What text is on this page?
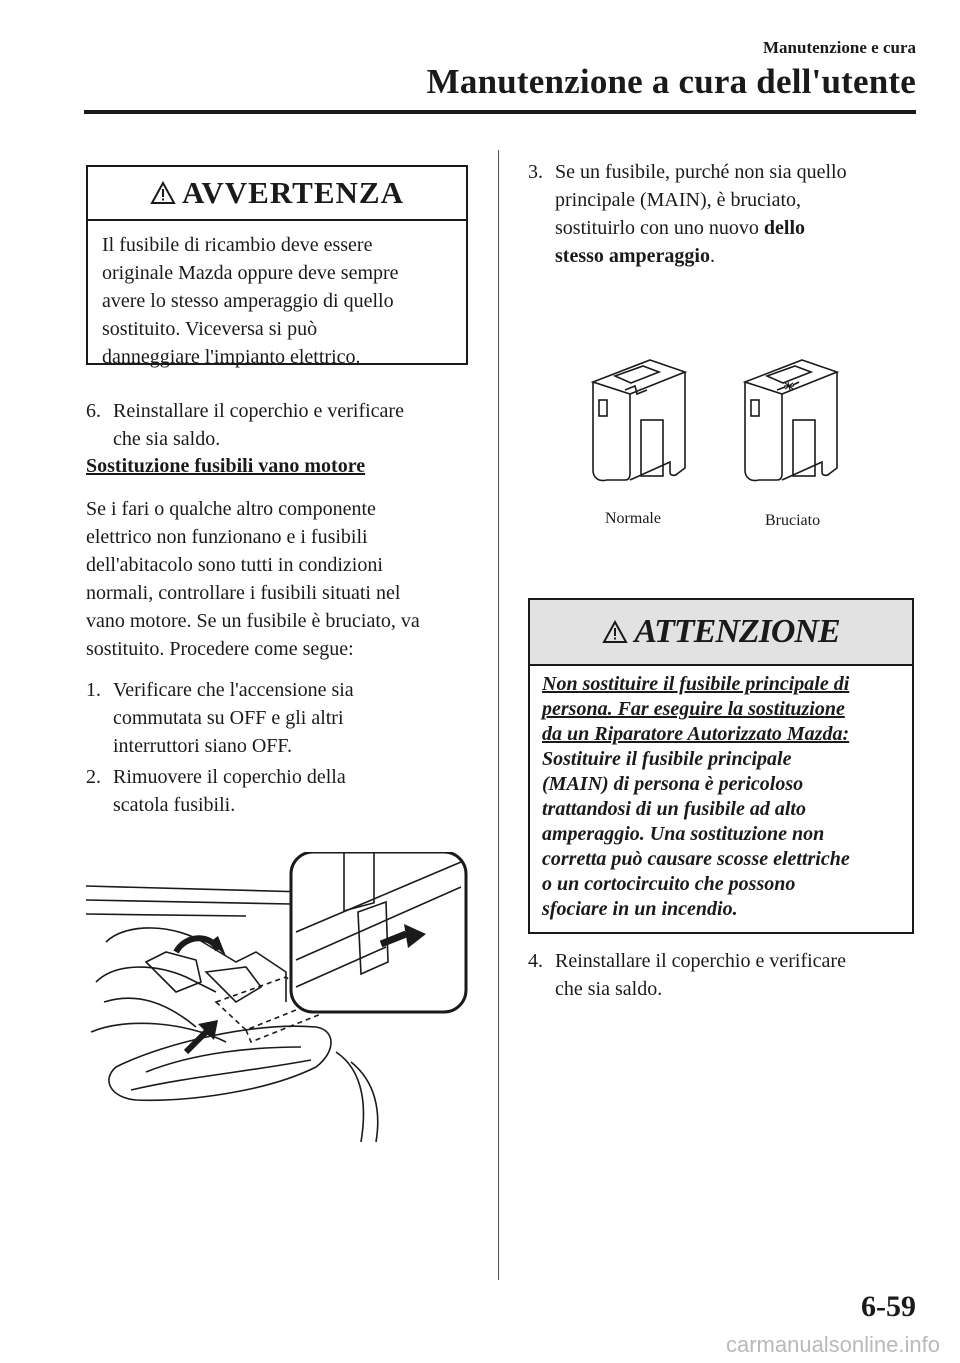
Manutenzione e cura
Manutenzione a cura dell'utente
AVVERTENZA
Il fusibile di ricambio deve essere
originale Mazda oppure deve sempre
avere lo stesso amperaggio di quello
sostituito. Viceversa si può
danneggiare l'impianto elettrico.
6. Reinstallare il coperchio e verificare
che sia saldo.
Sostituzione fusibili vano motore
Se i fari o qualche altro componente
elettrico non funzionano e i fusibili
dell'abitacolo sono tutti in condizioni
normali, controllare i fusibili situati nel
vano motore. Se un fusibile è bruciato, va
sostituito. Procedere come segue:
1. Verificare che l'accensione sia
commutata su OFF e gli altri
interruttori siano OFF.
2. Rimuovere il coperchio della
scatola fusibili.
3. Se un fusibile, purché non sia quello
principale (MAIN), è bruciato,
sostituirlo con uno nuovo dello
stesso amperaggio.
Normale	Bruciato
ATTENZIONE
Non sostituire il fusibile principale di
persona. Far eseguire la sostituzione
da un Riparatore Autorizzato Mazda:
Sostituire il fusibile principale
(MAIN) di persona è pericoloso
trattandosi di un fusibile ad alto
amperaggio. Una sostituzione non
corretta può causare scosse elettriche
o un cortocircuito che possono
sfociare in un incendio.
4. Reinstallare il coperchio e verificare
che sia saldo.
6-59
carmanualsonline.info
